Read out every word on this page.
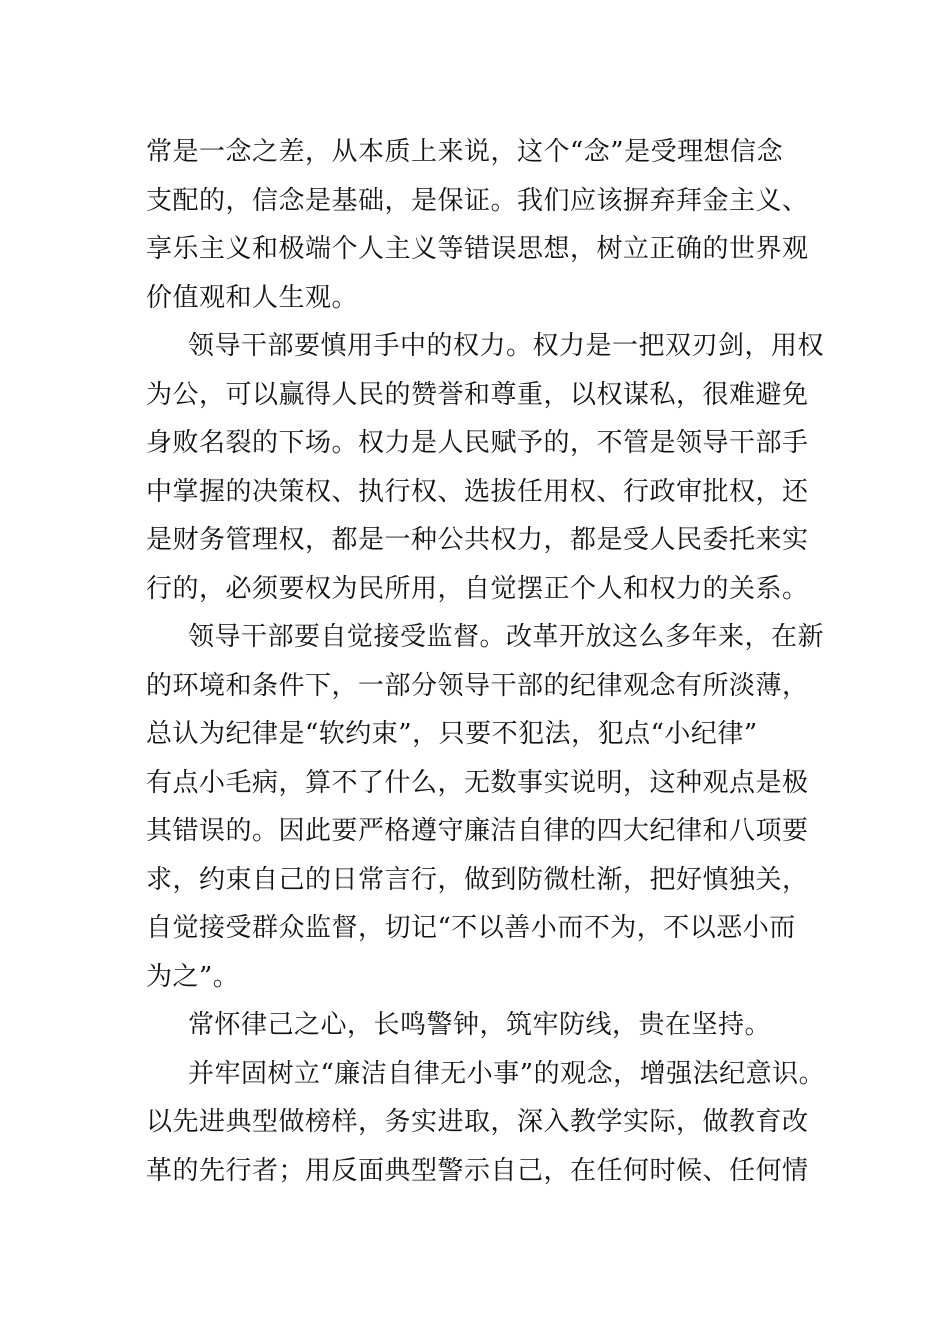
常是一念之差，从本质上来说，这个“念”是受理想信念
支配的，信念是基础，是保证。我们应该摒弃拜金主义、
享乐主义和极端个人主义等错误思想，树立正确的世界观
价值观和人生观。
领导干部要慎用手中的权力。权力是一把双刃剑，用权
为公，可以赢得人民的赞誉和尊重，以权谋私，很难避免
身败名裂的下场。权力是人民赋予的，不管是领导干部手
中掌握的决策权、执行权、选拔任用权、行政审批权，还
是财务管理权，都是一种公共权力，都是受人民委托来实
行的，必须要权为民所用，自觉摆正个人和权力的关系。
领导干部要自觉接受监督。改革开放这么多年来，在新
的环境和条件下，一部分领导干部的纪律观念有所淡薄，
总认为纪律是“软约束”，只要不犯法，犯点“小纪律”
有点小毛病，算不了什么，无数事实说明，这种观点是极
其错误的。因此要严格遵守廉洁自律的四大纪律和八项要
求，约束自己的日常言行，做到防微杜渐，把好慎独关，
自觉接受群众监督，切记“不以善小而不为，不以恶小而
为之”。
常怀律己之心，长鸣警钟，筑牢防线，贵在坚持。
并牢固树立“廉洁自律无小事”的观念，增强法纪意识。
以先进典型做榜样，务实进取，深入教学实际，做教育改
革的先行者；用反面典型警示自己，在任何时候、任何情
